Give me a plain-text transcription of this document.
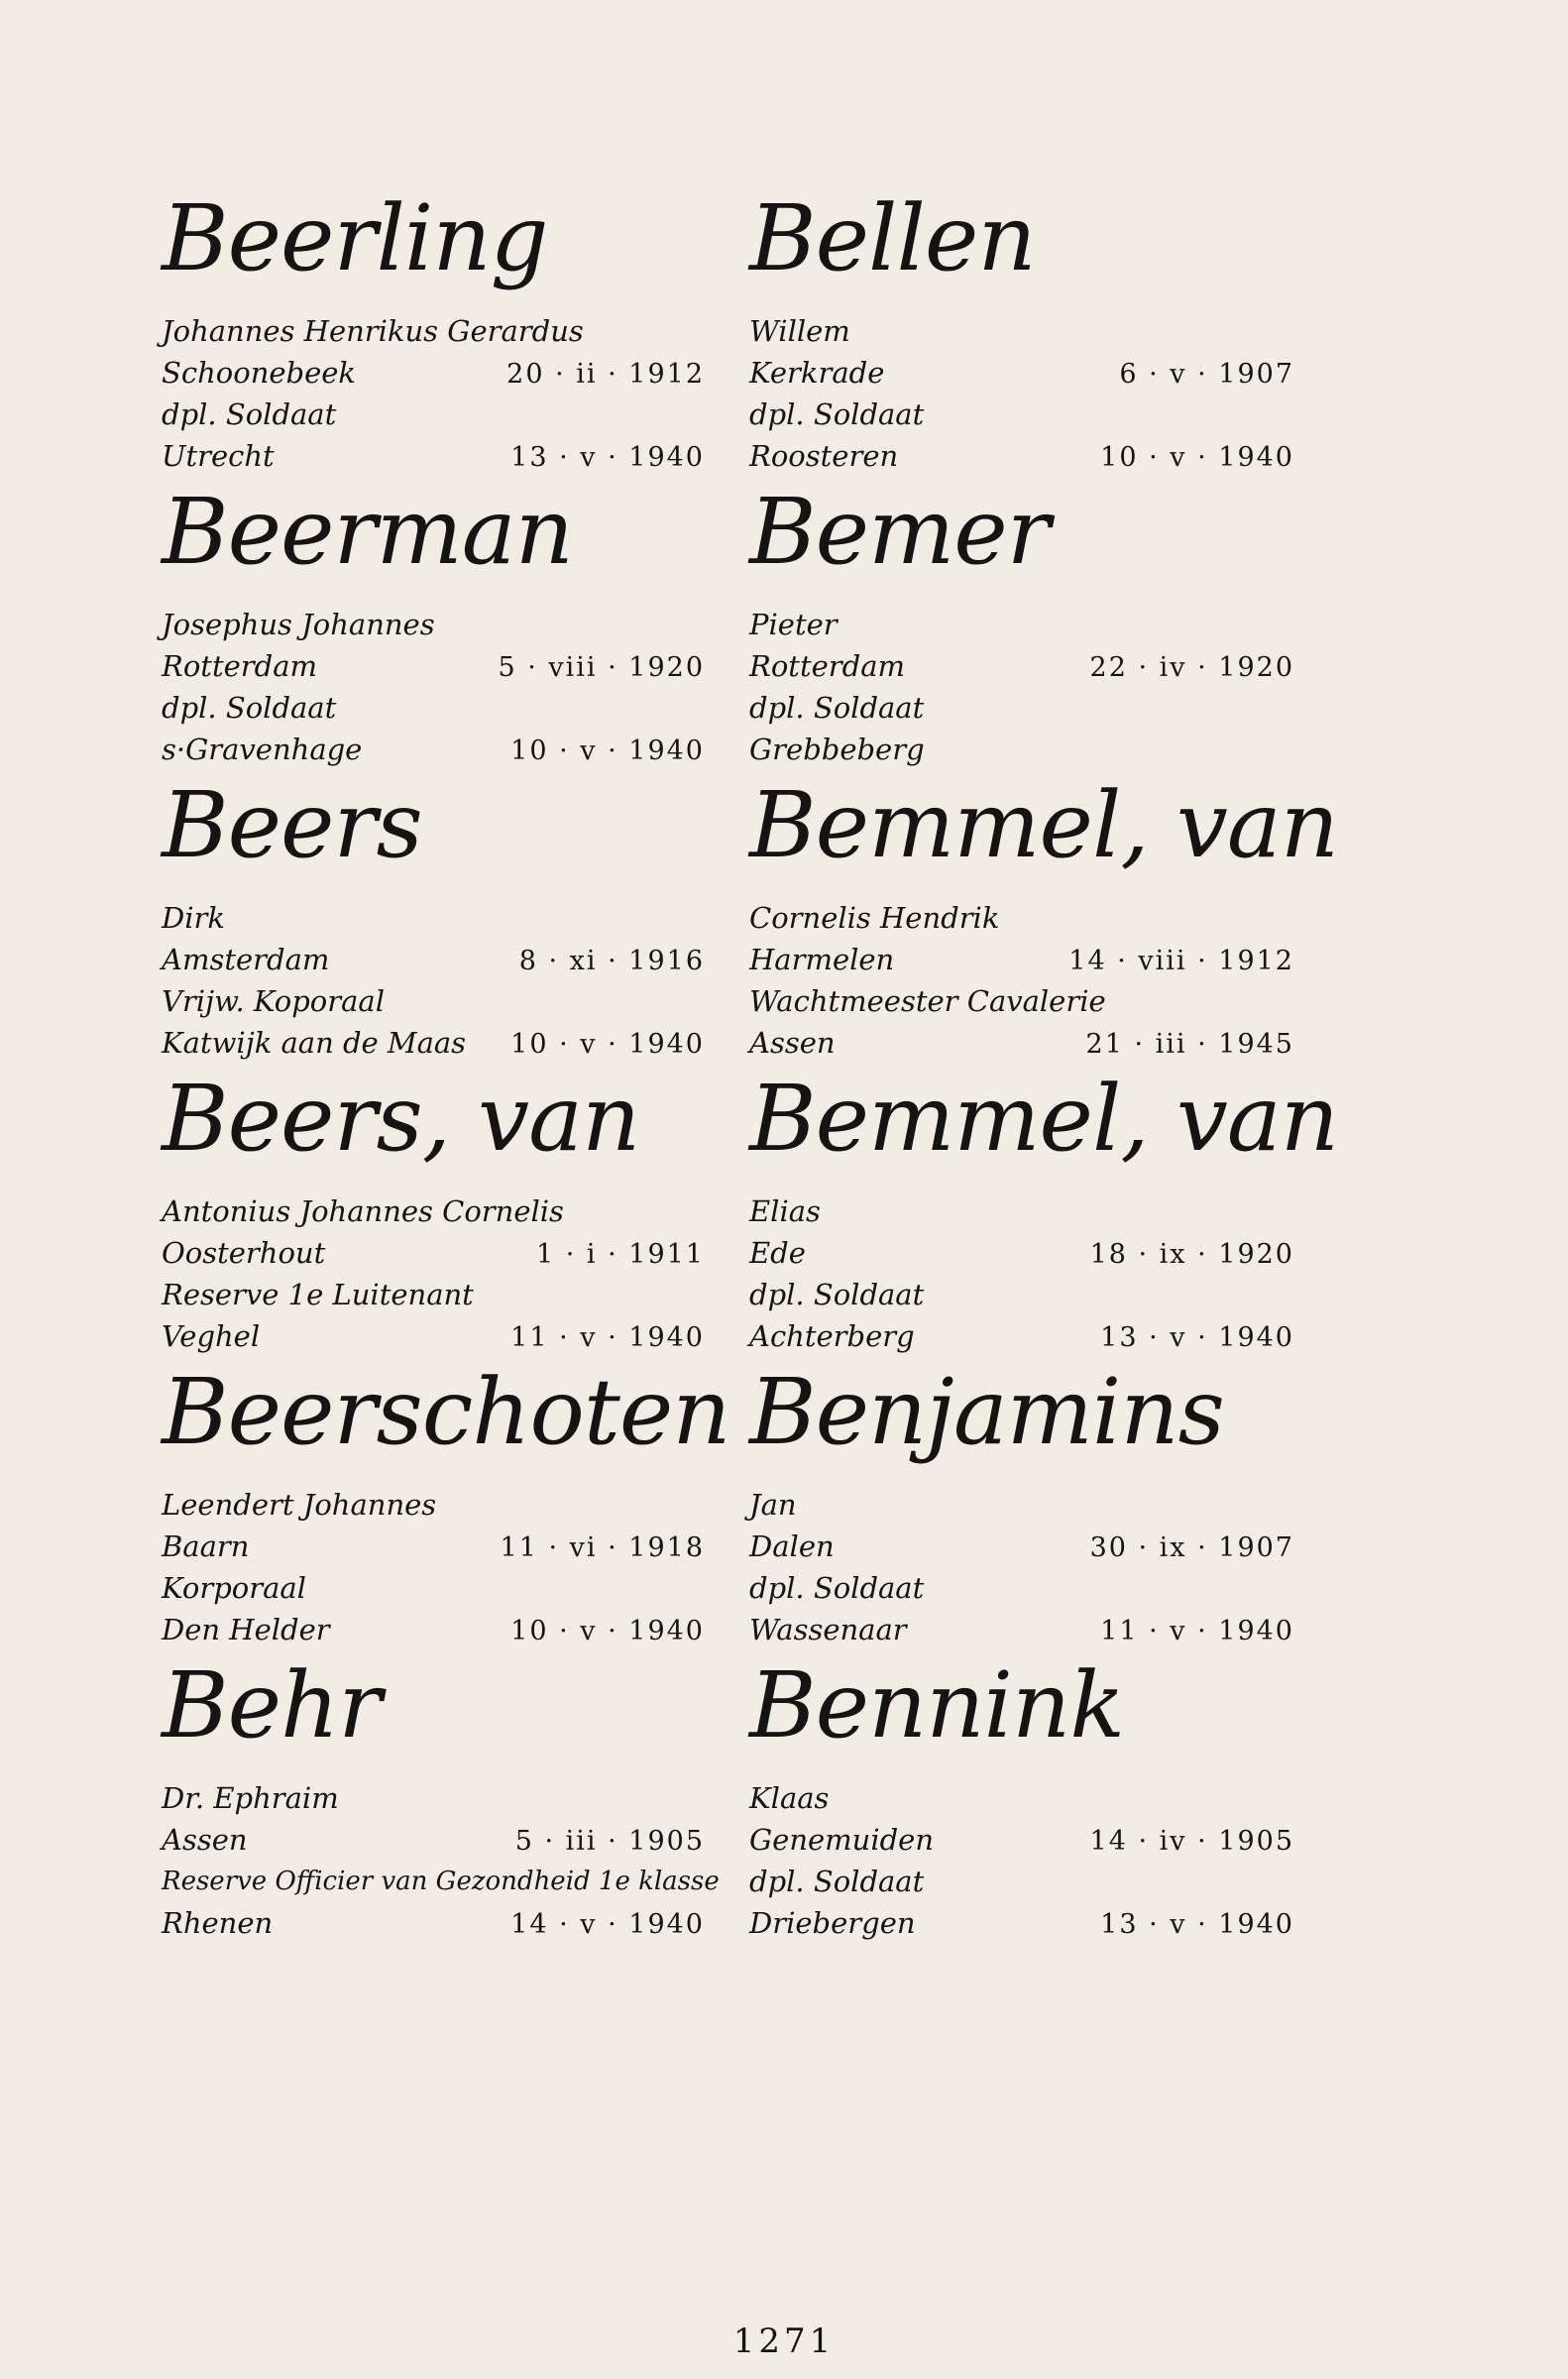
Beerling
Johannes Henrikus Gerardus
Schoonebeek	20 · ii · 1912
dpl. Soldaat
Utrecht	13 · v · 1940
Beerman
Josephus Johannes
Rotterdam	5 · viii · 1920
dpl. Soldaat
s·Gravenhage	10 · v · 1940
Beers
Dirk
Amsterdam	8 · xi · 1916
Vrijw. Koporaal
Katwijk aan de Maas 10 · v · 1940
Beers, van
Antonius Johannes Cornelis
Oosterhout	1 · i · 1911
Reserve 1e Luitenant
Veghel	11 · v · 1940
Beerschoten
Leendert Johannes
Baarn	11 · vi · 1918
Korporaal
Den Helder	10 · v · 1940
Behr
Dr. Ephraim
Assen	5 · iii · 1905
Reserve Officier van Gezondheid 1e klasse
Rhenen	14 · v · 1940
Bellen
Willem
Kerkrade	6 · v · 1907
dpl. Soldaat
Roosteren	10 · v · 1940
Bemer
Pieter
Rotterdam	22 · iv · 1920
dpl. Soldaat
Grebbeberg
Bemmel, van
Cornelis Hendrik
Harmelen	14 · viii · 1912
Wachtmeester Cavalerie
Assen	21 · iii · 1945
Bemmel, van
Elias
Ede	18 · ix · 1920
dpl. Soldaat
Achterberg	13 · v · 1940
Benjamins
Jan
Dalen	30 · ix · 1907
dpl. Soldaat
Wassenaar	11 · v · 1940
Bennink
Klaas
Genemuiden	14 · iv · 1905
dpl. Soldaat
Driebergen	13 · v · 1940
1271
